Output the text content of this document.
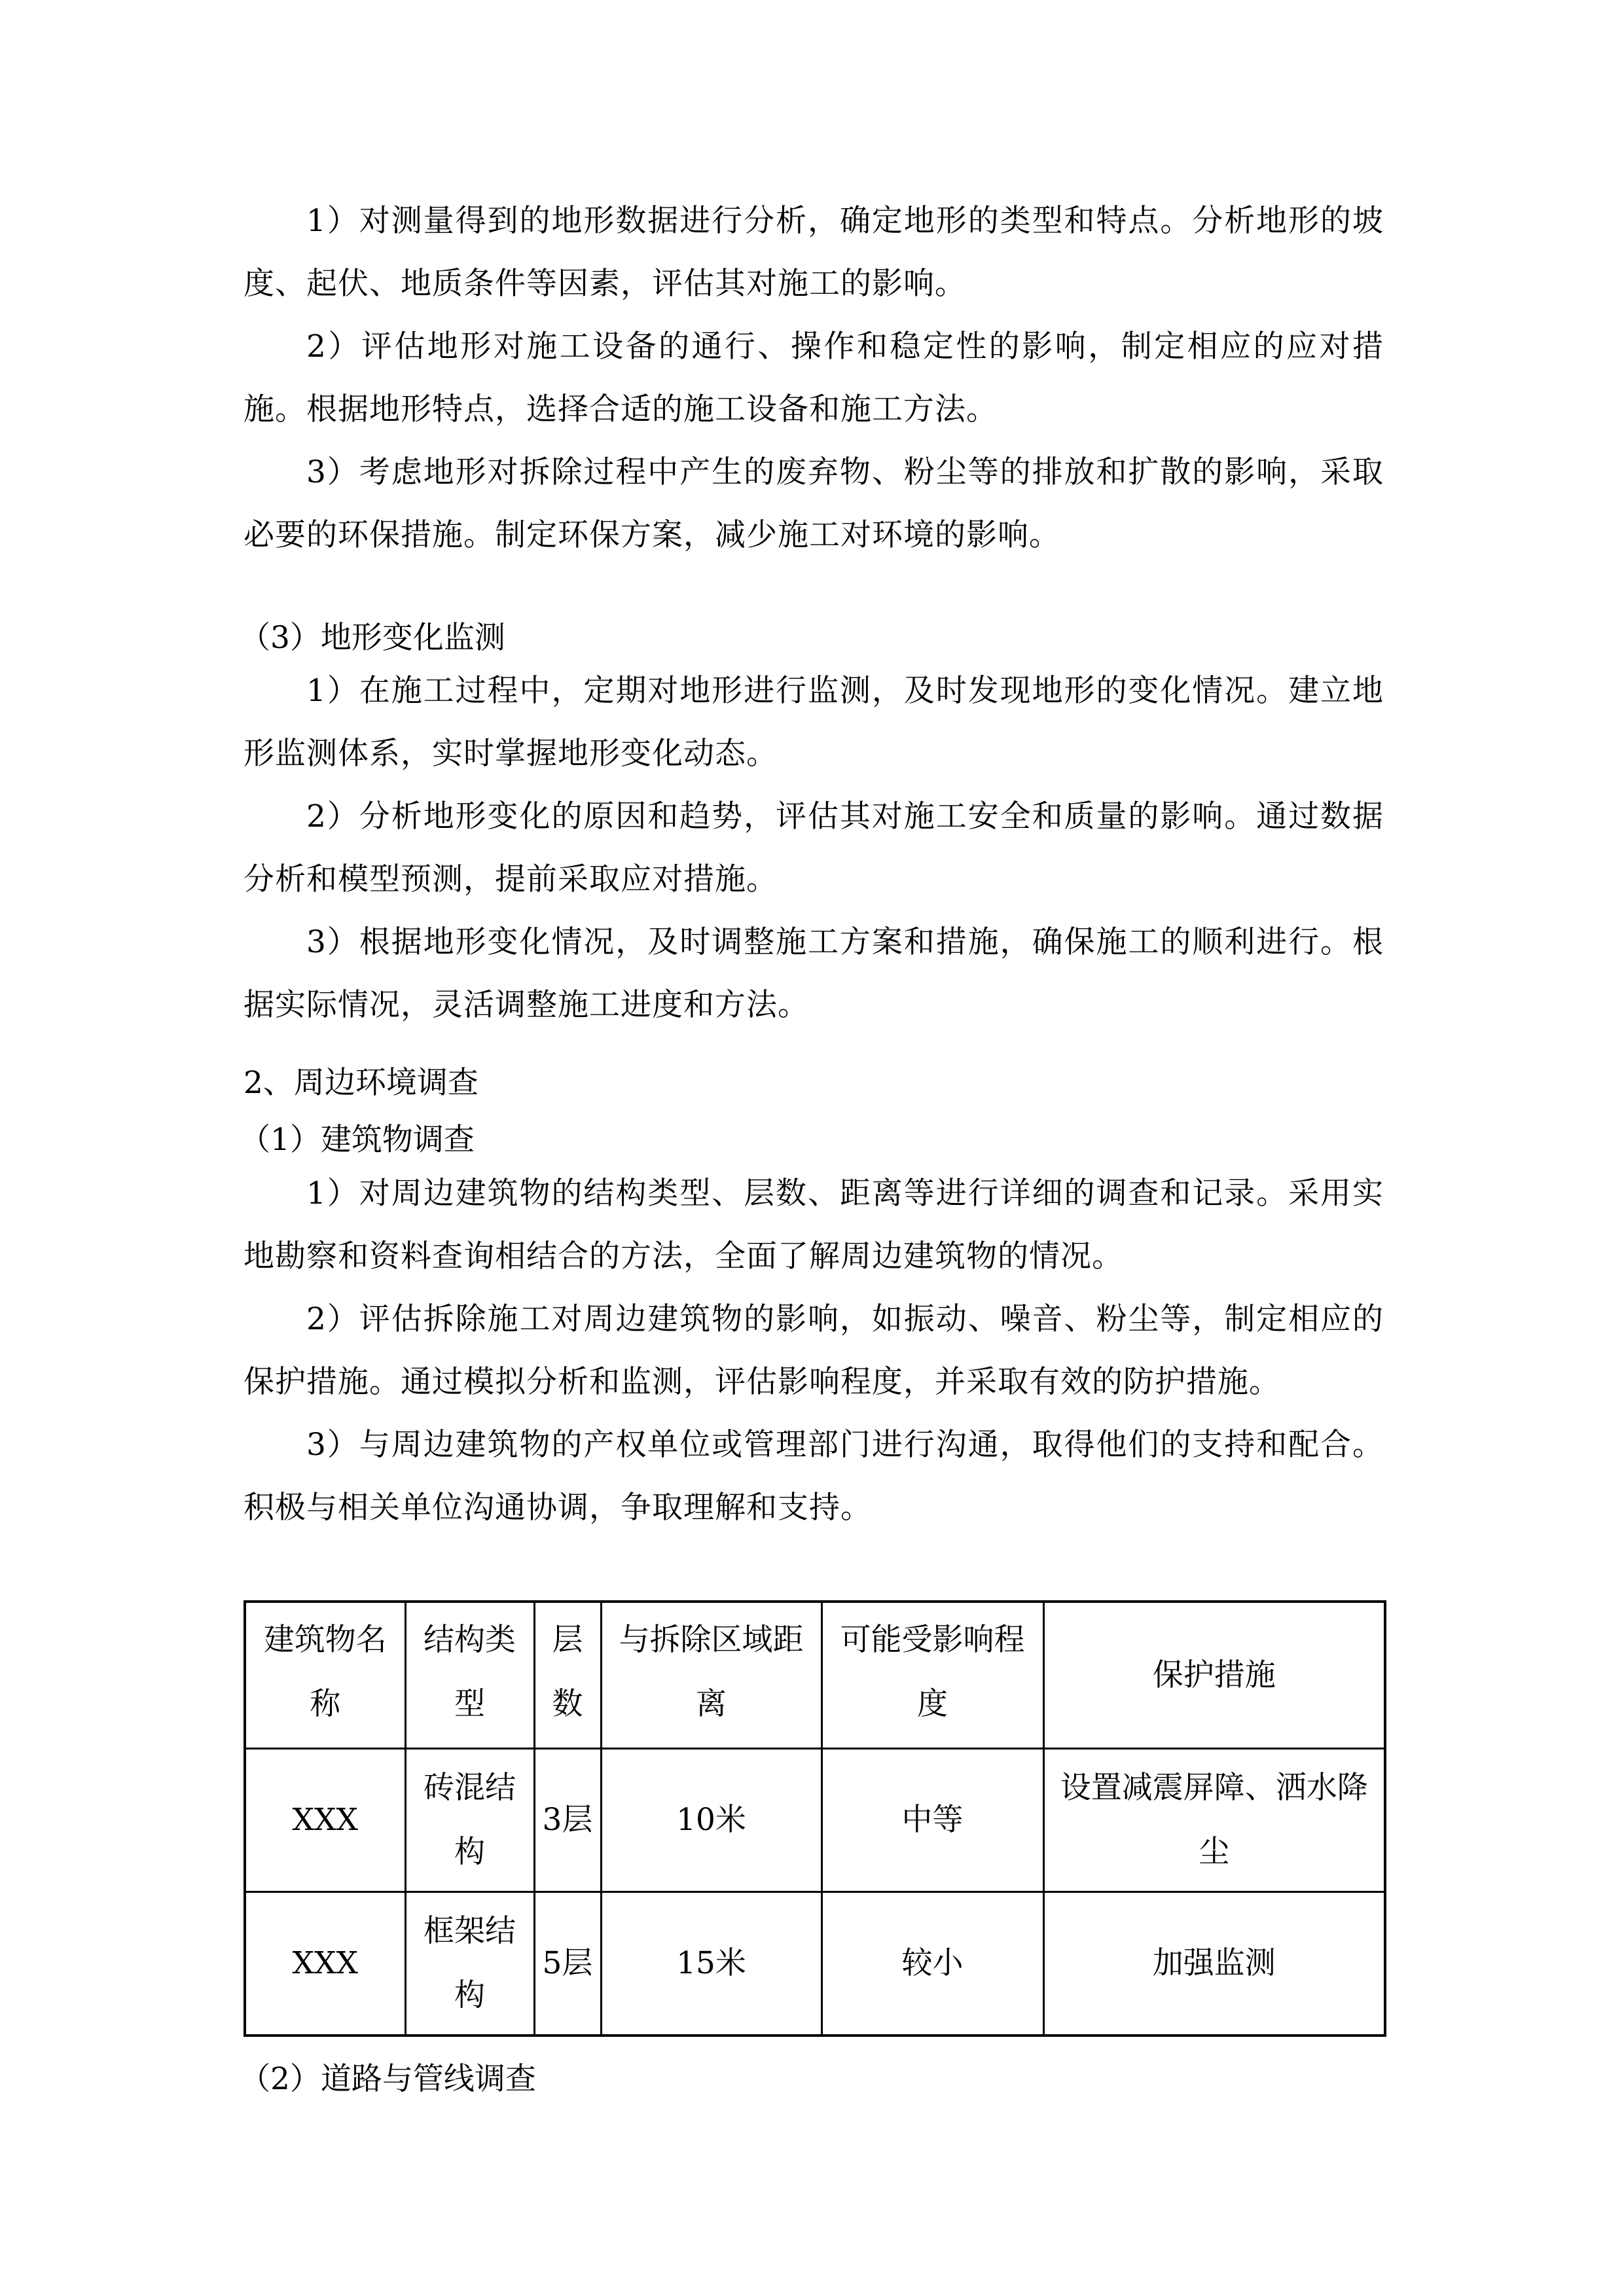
1）对测量得到的地形数据进行分析，确定地形的类型和特点。分析地形的坡度、起伏、地质条件等因素，评估其对施工的影响。
2）评估地形对施工设备的通行、操作和稳定性的影响，制定相应的应对措施。根据地形特点，选择合适的施工设备和施工方法。
3）考虑地形对拆除过程中产生的废弃物、粉尘等的排放和扩散的影响，采取必要的环保措施。制定环保方案，减少施工对环境的影响。
（3）地形变化监测
1）在施工过程中，定期对地形进行监测，及时发现地形的变化情况。建立地形监测体系，实时掌握地形变化动态。
2）分析地形变化的原因和趋势，评估其对施工安全和质量的影响。通过数据分析和模型预测，提前采取应对措施。
3）根据地形变化情况，及时调整施工方案和措施，确保施工的顺利进行。根据实际情况，灵活调整施工进度和方法。
2、周边环境调查
（1）建筑物调查
1）对周边建筑物的结构类型、层数、距离等进行详细的调查和记录。采用实地勘察和资料查询相结合的方法，全面了解周边建筑物的情况。
2）评估拆除施工对周边建筑物的影响，如振动、噪音、粉尘等，制定相应的保护措施。通过模拟分析和监测，评估影响程度，并采取有效的防护措施。
3）与周边建筑物的产权单位或管理部门进行沟通，取得他们的支持和配合。积极与相关单位沟通协调，争取理解和支持。
建筑物名称	结构类型	层数	与拆除区域距离	可能受影响程度	保护措施
XXX	砖混结构	3层	10米	中等	设置减震屏障、洒水降尘
XXX	框架结构	5层	15米	较小	加强监测
（2）道路与管线调查
